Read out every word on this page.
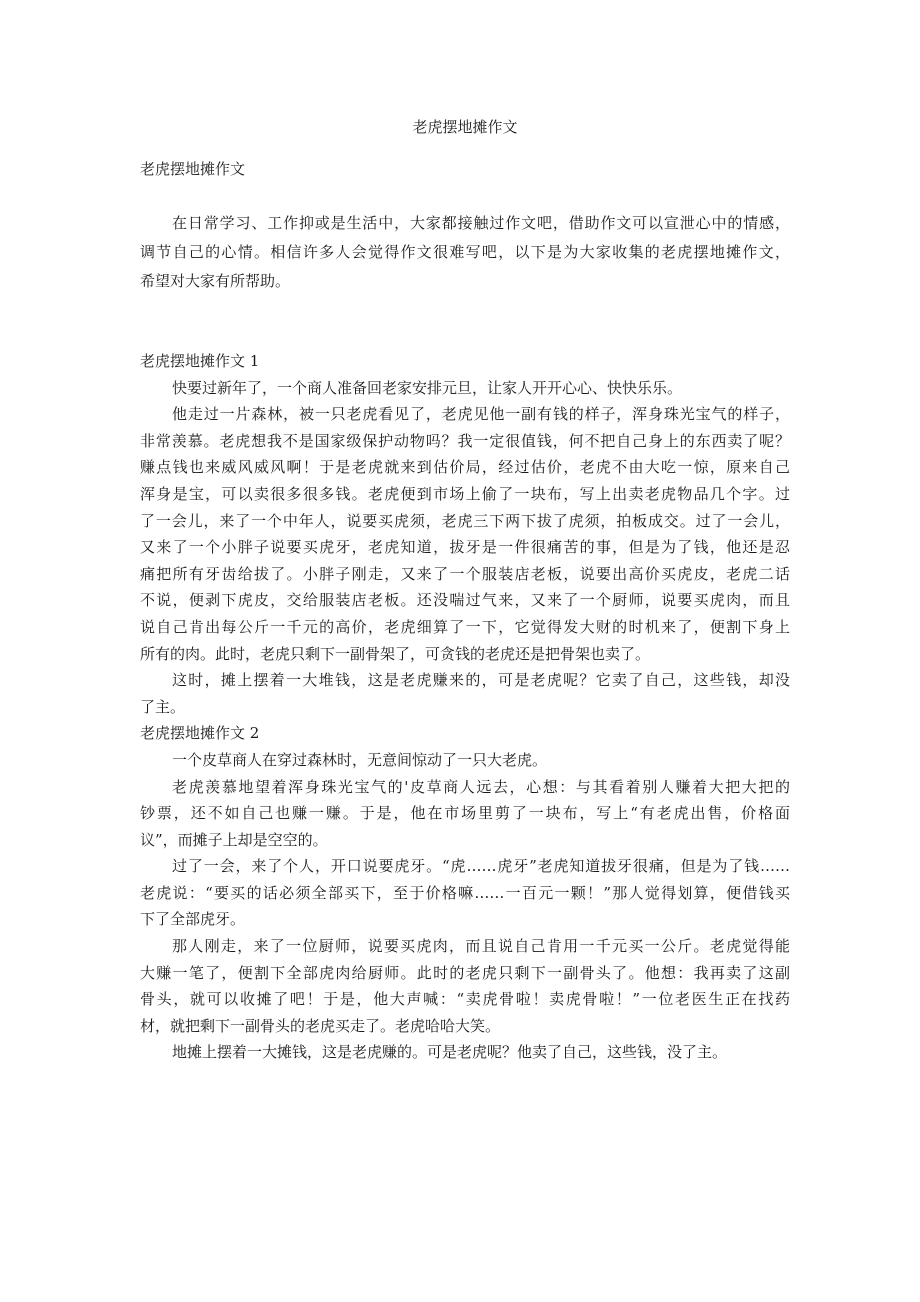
老虎摆地摊作文
老虎摆地摊作文
在日常学习、工作抑或是生活中，大家都接触过作文吧，借助作文可以宣泄心中的情感，
调节自己的心情。相信许多人会觉得作文很难写吧，以下是为大家收集的老虎摆地摊作文，
希望对大家有所帮助。
老虎摆地摊作文 1
快要过新年了，一个商人准备回老家安排元旦，让家人开开心心、快快乐乐。
他走过一片森林，被一只老虎看见了，老虎见他一副有钱的样子，浑身珠光宝气的样子，
非常羡慕。老虎想我不是国家级保护动物吗？我一定很值钱，何不把自己身上的东西卖了呢？
赚点钱也来威风威风啊！于是老虎就来到估价局，经过估价，老虎不由大吃一惊，原来自己
浑身是宝，可以卖很多很多钱。老虎便到市场上偷了一块布，写上出卖老虎物品几个字。过
了一会儿，来了一个中年人，说要买虎须，老虎三下两下拔了虎须，拍板成交。过了一会儿，
又来了一个小胖子说要买虎牙，老虎知道，拔牙是一件很痛苦的事，但是为了钱，他还是忍
痛把所有牙齿给拔了。小胖子刚走，又来了一个服装店老板，说要出高价买虎皮，老虎二话
不说，便剥下虎皮，交给服装店老板。还没喘过气来，又来了一个厨师，说要买虎肉，而且
说自己肯出每公斤一千元的高价，老虎细算了一下，它觉得发大财的时机来了，便割下身上
所有的肉。此时，老虎只剩下一副骨架了，可贪钱的老虎还是把骨架也卖了。
这时，摊上摆着一大堆钱，这是老虎赚来的，可是老虎呢？它卖了自己，这些钱，却没
了主。
老虎摆地摊作文 2
一个皮草商人在穿过森林时，无意间惊动了一只大老虎。
老虎羡慕地望着浑身珠光宝气的'皮草商人远去，心想：与其看着别人赚着大把大把的
钞票，还不如自己也赚一赚。于是，他在市场里剪了一块布，写上“有老虎出售，价格面
议”，而摊子上却是空空的。
过了一会，来了个人，开口说要虎牙。“虎……虎牙”老虎知道拔牙很痛，但是为了钱……
老虎说：“要买的话必须全部买下，至于价格嘛……一百元一颗！”那人觉得划算，便借钱买
下了全部虎牙。
那人刚走，来了一位厨师，说要买虎肉，而且说自己肯用一千元买一公斤。老虎觉得能
大赚一笔了，便割下全部虎肉给厨师。此时的老虎只剩下一副骨头了。他想：我再卖了这副
骨头，就可以收摊了吧！于是，他大声喊：“卖虎骨啦！卖虎骨啦！”一位老医生正在找药
材，就把剩下一副骨头的老虎买走了。老虎哈哈大笑。
地摊上摆着一大摊钱，这是老虎赚的。可是老虎呢？他卖了自己，这些钱，没了主。
